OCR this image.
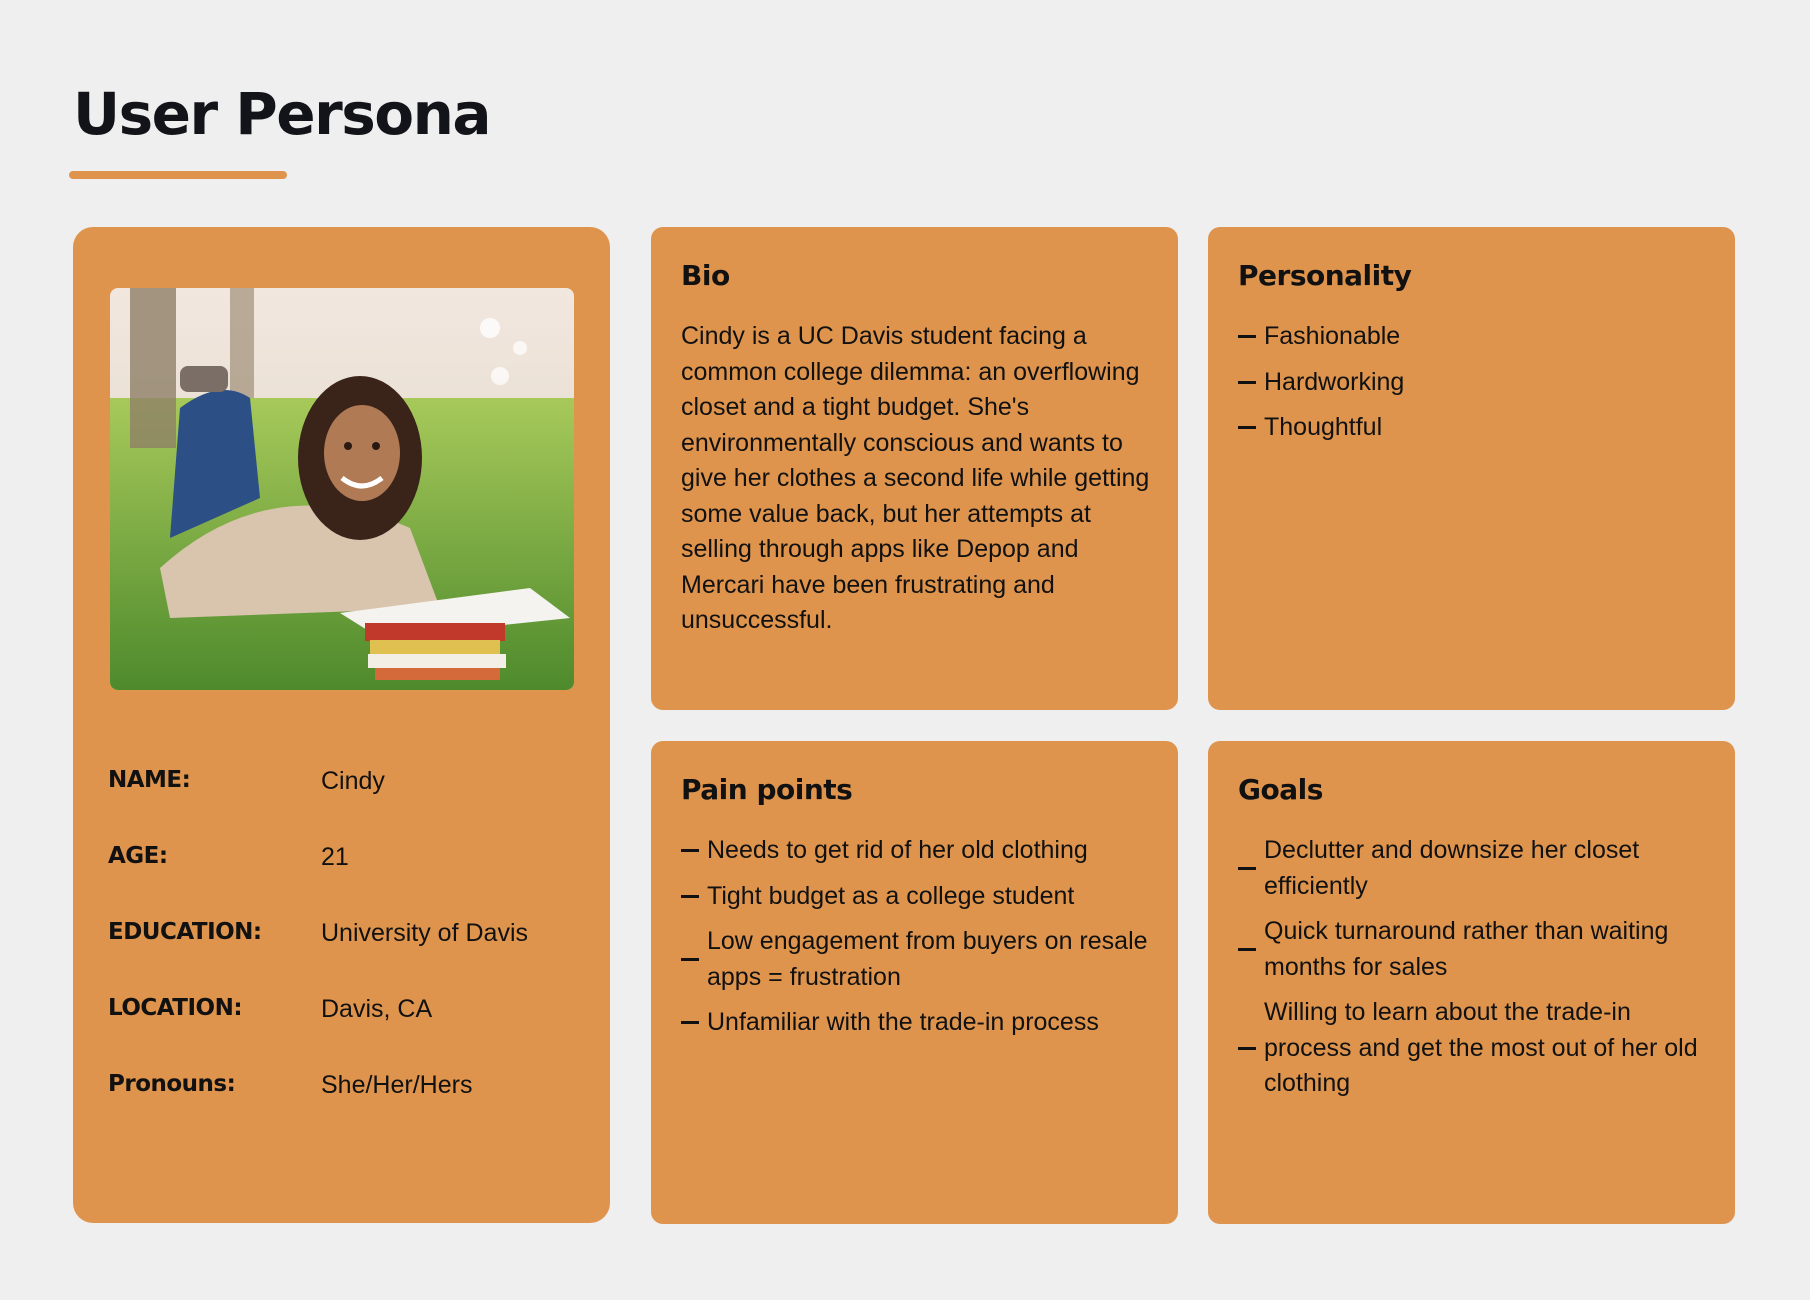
User Persona
NAME:	Cindy
AGE:	21
EDUCATION:	University of Davis
LOCATION:	Davis, CA
Pronouns:	She/Her/Hers
Bio

Cindy is a UC Davis student facing a common college dilemma: an overflowing closet and a tight budget. She's environmentally conscious and wants to give her clothes a second life while getting some value back, but her attempts at selling through apps like Depop and Mercari have been frustrating and unsuccessful.

Personality
Fashionable
Hardworking
Thoughtful
Pain points
Needs to get rid of her old clothing
Tight budget as a college student
Low engagement from buyers on resale apps = frustration
Unfamiliar with the trade-in process
Goals
Declutter and downsize her closet efficiently
Quick turnaround rather than waiting months for sales
Willing to learn about the trade-in process and get the most out of her old clothing
